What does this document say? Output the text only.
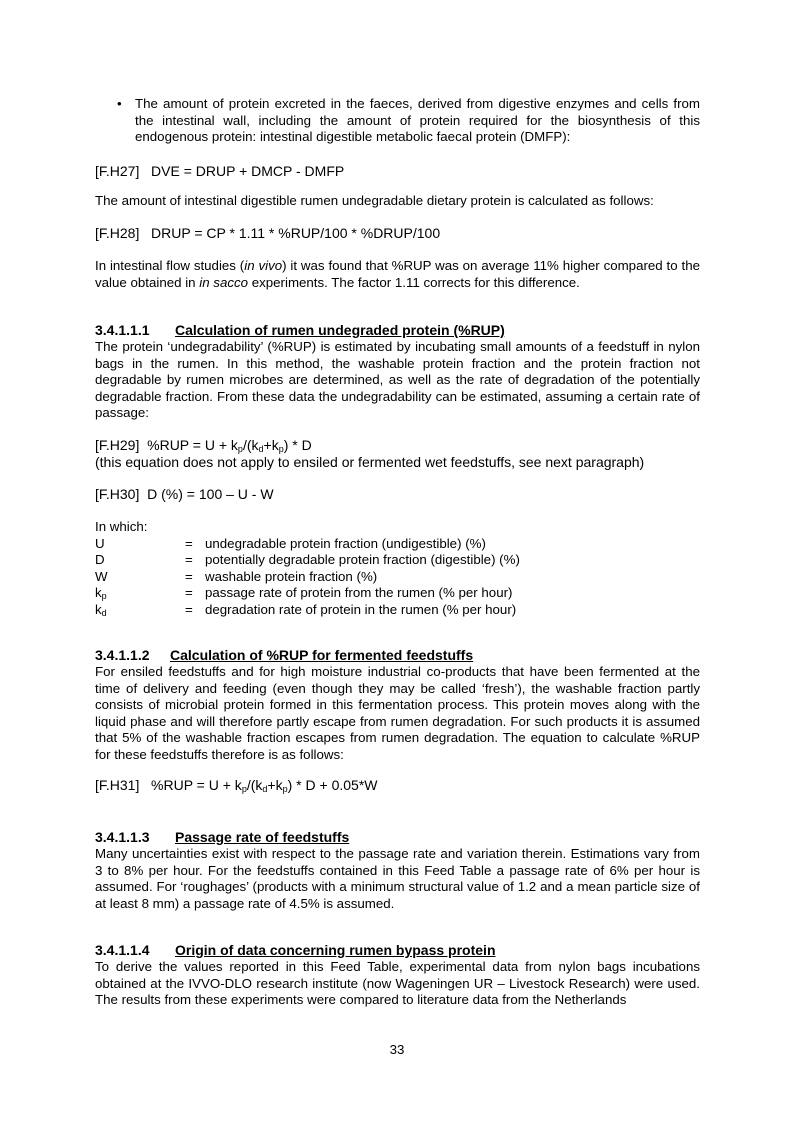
•	The amount of protein excreted in the faeces, derived from digestive enzymes and cells from the intestinal wall, including the amount of protein required for the biosynthesis of this endogenous protein: intestinal digestible metabolic faecal protein (DMFP):
[F.H27] DVE = DRUP + DMCP - DMFP
The amount of intestinal digestible rumen undegradable dietary protein is calculated as follows:
[F.H28] DRUP = CP * 1.11 * %RUP/100 * %DRUP/100
In intestinal flow studies (in vivo) it was found that %RUP was on average 11% higher compared to the value obtained in in sacco experiments. The factor 1.11 corrects for this difference.
3.4.1.1.1 Calculation of rumen undegraded protein (%RUP)
The protein ‘undegradability’ (%RUP) is estimated by incubating small amounts of a feedstuff in nylon bags in the rumen. In this method, the washable protein fraction and the protein fraction not degradable by rumen microbes are determined, as well as the rate of degradation of the potentially degradable fraction. From these data the undegradability can be estimated, assuming a certain rate of passage:
[F.H29] $\%RUP = U + k_p/(k_d+k_p) * D$
(this equation does not apply to ensiled or fermented wet feedstuffs, see next paragraph)
[F.H30] D (%) = 100 – U - W
In which:
U	= undegradable protein fraction (undigestible) (%)
D	= potentially degradable protein fraction (digestible) (%)
W	= washable protein fraction (%)
$k_p$	= passage rate of protein from the rumen (% per hour)
$k_d$	= degradation rate of protein in the rumen (% per hour)
3.4.1.1.2 Calculation of %RUP for fermented feedstuffs
For ensiled feedstuffs and for high moisture industrial co-products that have been fermented at the time of delivery and feeding (even though they may be called ‘fresh’), the washable fraction partly consists of microbial protein formed in this fermentation process. This protein moves along with the liquid phase and will therefore partly escape from rumen degradation. For such products it is assumed that 5% of the washable fraction escapes from rumen degradation. The equation to calculate %RUP for these feedstuffs therefore is as follows:
[F.H31] $\%RUP = U + k_p/(k_d+k_p) * D + 0.05*W$
3.4.1.1.3 Passage rate of feedstuffs
Many uncertainties exist with respect to the passage rate and variation therein. Estimations vary from 3 to 8% per hour. For the feedstuffs contained in this Feed Table a passage rate of 6% per hour is assumed. For ‘roughages’ (products with a minimum structural value of 1.2 and a mean particle size of at least 8 mm) a passage rate of 4.5% is assumed.
3.4.1.1.4 Origin of data concerning rumen bypass protein
To derive the values reported in this Feed Table, experimental data from nylon bags incubations obtained at the IVVO-DLO research institute (now Wageningen UR – Livestock Research) were used. The results from these experiments were compared to literature data from the Netherlands
33
